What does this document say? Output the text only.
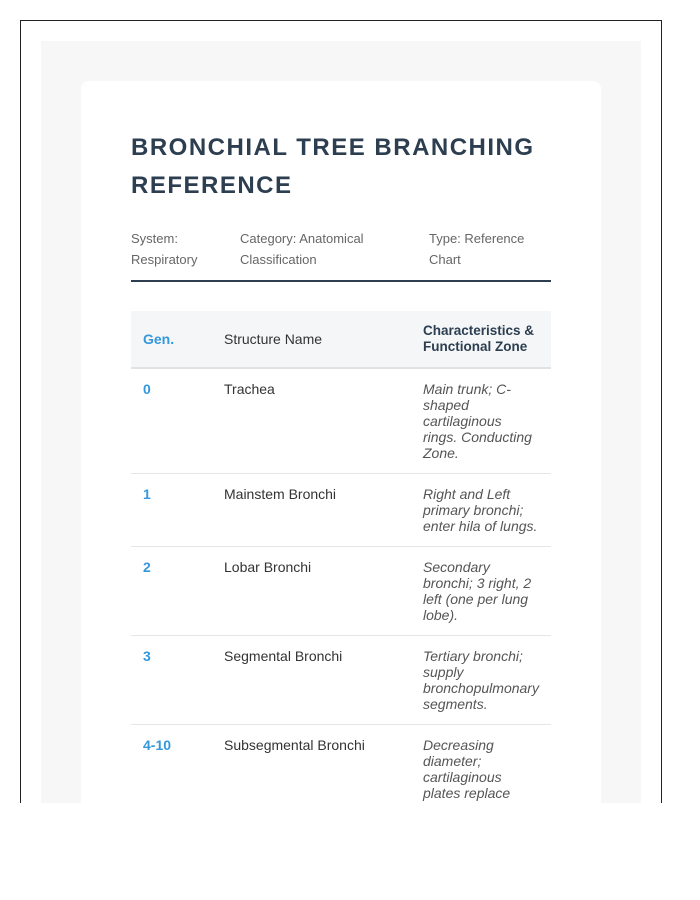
BRONCHIAL TREE BRANCHING REFERENCE
System: Respiratory
Category: Anatomical Classification
Type: Reference Chart
Gen.	Structure Name	Characteristics & Functional Zone
0	Trachea	Main trunk; C-shaped cartilaginous rings. Conducting Zone.
1	Mainstem Bronchi	Right and Left primary bronchi; enter hila of lungs.
2	Lobar Bronchi	Secondary bronchi; 3 right, 2 left (one per lung lobe).
3	Segmental Bronchi	Tertiary bronchi; supply bronchopulmonary segments.
4-10	Subsegmental Bronchi	Decreasing diameter; cartilaginous plates replace
